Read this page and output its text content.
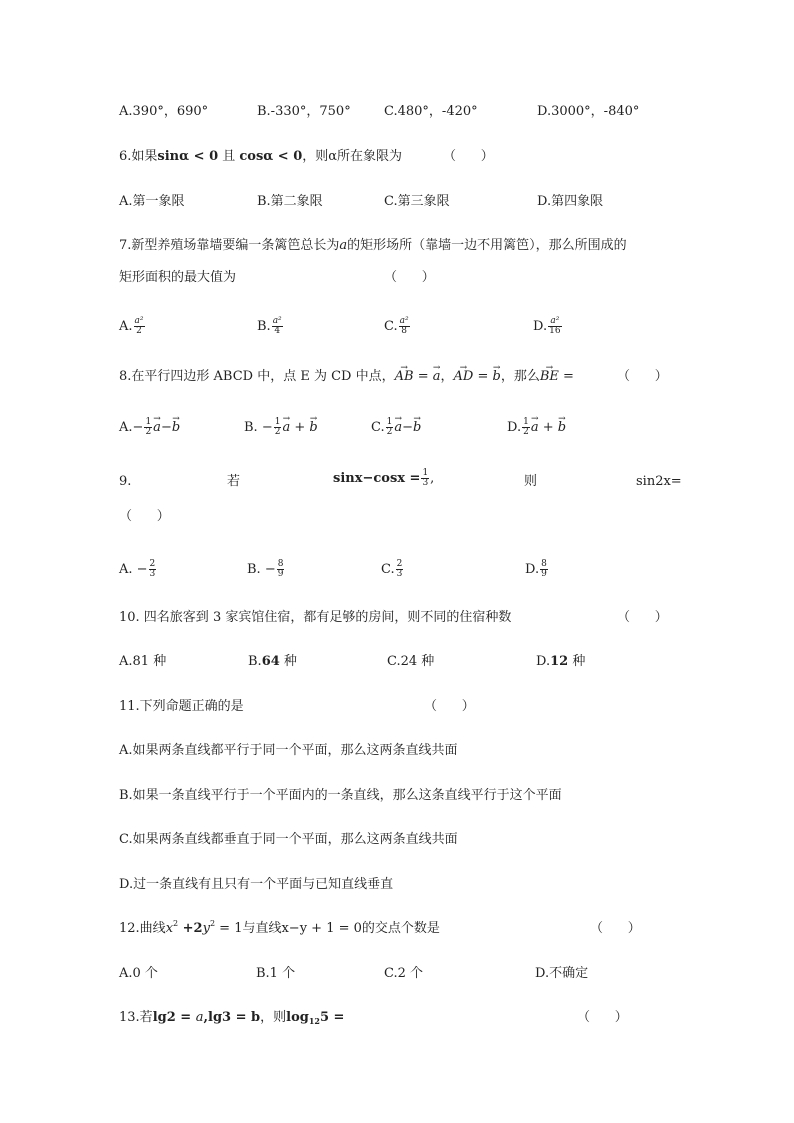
A.390°，690°	B.-330°，750°	C.480°，-420°	D.3000°，-840°
6.如果sinα < 0 且 cosα < 0，则α所在象限为	（      ）
A.第一象限	B.第二象限	C.第三象限	D.第四象限
7.新型养殖场靠墙要编一条篱笆总长为a的矩形场所（靠墙一边不用篱笆），那么所围成的
矩形面积的最大值为	（      ）
A. $\frac{\text{a²}}{2}$	B. $\frac{\text{a²}}{4}$	C. $\frac{\text{a²}}{8}$	D. $\frac{\text{a²}}{16}$
8.在平行四边形 ABCD 中，点 E 为 CD 中点，→ AB = → a，→ AD = → b，那么→ BE =	（      ）
$A.- \frac{1}{2}$
→ a−→ b	B. − $\frac{1}{2}$
→ a + → b	C. $\frac{1}{2}$
→ a−→ b	D. $\frac{1}{2}$
→ a + → b
9.	若	$\sin x-\cos x = \frac{1}{3}$ ,	则	sin2x=
（      ）
A. − $\frac{2}{3}$	B. − $\frac{8}{9}$	C. $\frac{2}{3}$	D. $\frac{8}{9}$
10. 四名旅客到 3 家宾馆住宿，都有足够的房间，则不同的住宿种数	（      ）
A.81 种	B.64 种	C.24 种	D.12 种
11.下列命题正确的是	（      ）
A.如果两条直线都平行于同一个平面，那么这两条直线共面
B.如果一条直线平行于一个平面内的一条直线，那么这条直线平行于这个平面
C.如果两条直线都垂直于同一个平面，那么这两条直线共面
D.过一条直线有且只有一个平面与已知直线垂直
12.曲线$x^2 +2y^2 = 1$与直线x−y + 1 = 0的交点个数是	（      ）
A.0 个	B.1 个	C.2 个	D.不确定
13.若lg2 = a,lg3 = b，则$\log_{12}5$ =	（      ）
